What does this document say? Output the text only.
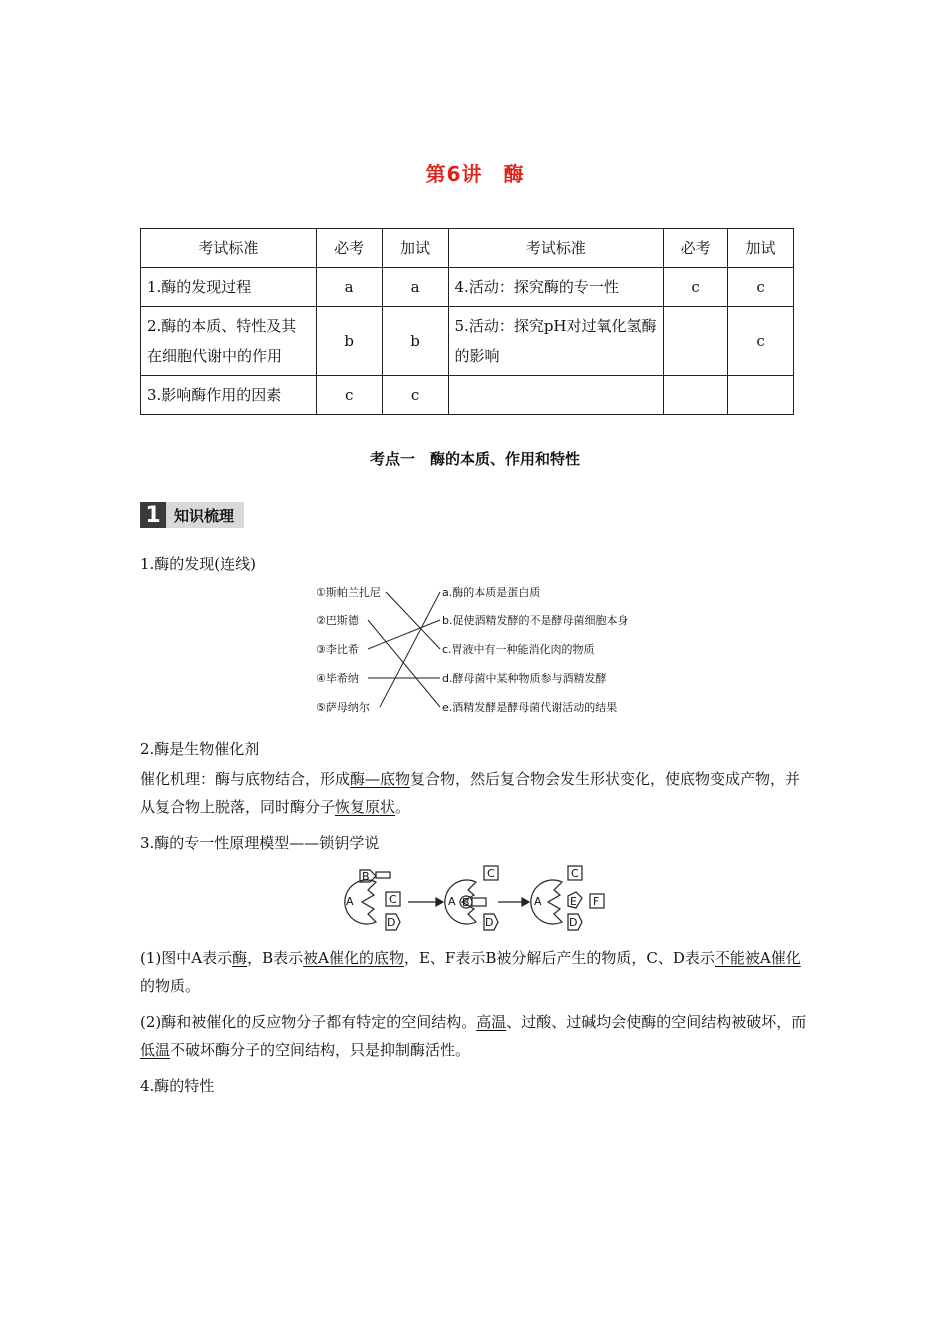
第6讲　酶
考试标准	必考	加试	考试标准	必考	加试
1.酶的发现过程	a	a	4.活动：探究酶的专一性	c	c
2.酶的本质、特性及其在细胞代谢中的作用	b	b	5.活动：探究pH对过氧化氢酶的影响		c
3.影响酶作用的因素	c	c			
考点一　酶的本质、作用和特性
1 知识梳理
1.酶的发现(连线)
①斯帕兰扎尼
②巴斯德
③李比希
④毕希纳
⑤萨母纳尔
a.酶的本质是蛋白质
b.促使酒精发酵的不是酵母菌细胞本身
c.胃液中有一种能消化肉的物质
d.酵母菌中某种物质参与酒精发酵
e.酒精发酵是酵母菌代谢活动的结果
2.酶是生物催化剂
催化机理：酶与底物结合，形成酶—底物复合物，然后复合物会发生形状变化，使底物变成产物，并从复合物上脱落，同时酶分子恢复原状。
3.酶的专一性原理模型——锁钥学说
A
B
C
D
A B
C
D
A
C
E F
D
(1)图中A表示酶，B表示被A催化的底物，E、F表示B被分解后产生的物质，C、D表示不能被A催化的物质。
(2)酶和被催化的反应物分子都有特定的空间结构。高温、过酸、过碱均会使酶的空间结构被破坏，而低温不破坏酶分子的空间结构，只是抑制酶活性。
4.酶的特性
